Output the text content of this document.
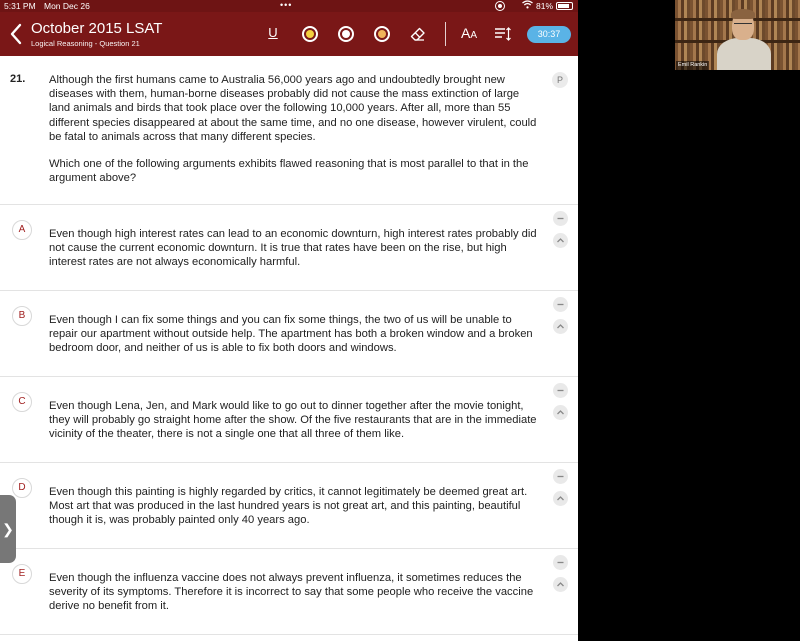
5:31 PM Mon Dec 26	•••	81%
October 2015 LSAT
Logical Reasoning - Question 21
U	AA	30:37
21. Although the first humans came to Australia 56,000 years ago and undoubtedly brought new diseases with them, human-borne diseases probably did not cause the mass extinction of large land animals and birds that took place over the following 10,000 years. After all, more than 55 different species disappeared at about the same time, and no one disease, however virulent, could be fatal to animals across that many different species.

Which one of the following arguments exhibits flawed reasoning that is most parallel to that in the argument above?

P
A	Even though high interest rates can lead to an economic downturn, high interest rates probably did not cause the current economic downturn. It is true that rates have been on the rise, but high interest rates are not always economically harmful.
B	Even though I can fix some things and you can fix some things, the two of us will be unable to repair our apartment without outside help. The apartment has both a broken window and a broken bedroom door, and neither of us is able to fix both doors and windows.
C	Even though Lena, Jen, and Mark would like to go out to dinner together after the movie tonight, they will probably go straight home after the show. Of the five restaurants that are in the immediate vicinity of the theater, there is not a single one that all three of them like.
D	Even though this painting is highly regarded by critics, it cannot legitimately be deemed great art. Most art that was produced in the last hundred years is not great art, and this painting, beautiful though it is, was probably painted only 40 years ago.
E	Even though the influenza vaccine does not always prevent influenza, it sometimes reduces the severity of its symptoms. Therefore it is incorrect to say that some people who receive the vaccine derive no benefit from it.
❯
Emil Rankin
